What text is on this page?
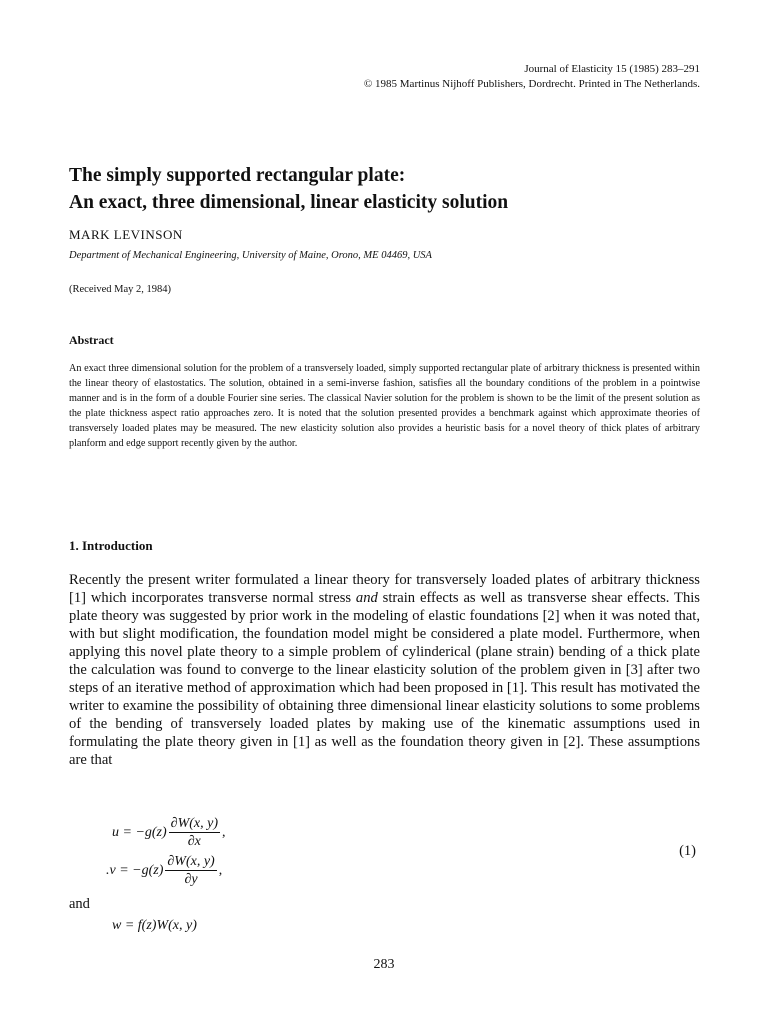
Journal of Elasticity 15 (1985) 283–291
© 1985 Martinus Nijhoff Publishers, Dordrecht. Printed in The Netherlands.
The simply supported rectangular plate:
An exact, three dimensional, linear elasticity solution

MARK LEVINSON

Department of Mechanical Engineering, University of Maine, Orono, ME 04469, USA
(Received May 2, 1984)
Abstract

An exact three dimensional solution for the problem of a transversely loaded, simply supported rectangular plate of arbitrary thickness is presented within the linear theory of elastostatics. The solution, obtained in a semi-inverse fashion, satisfies all the boundary conditions of the problem in a pointwise manner and is in the form of a double Fourier sine series. The classical Navier solution for the problem is shown to be the limit of the present solution as the plate thickness aspect ratio approaches zero. It is noted that the solution presented provides a benchmark against which approximate theories of transversely loaded plates may be measured. The new elasticity solution also provides a heuristic basis for a novel theory of thick plates of arbitrary planform and edge support recently given by the author.

1. Introduction

Recently the present writer formulated a linear theory for transversely loaded plates of arbitrary thickness [1] which incorporates transverse normal stress and strain effects as well as transverse shear effects. This plate theory was suggested by prior work in the modeling of elastic foundations [2] when it was noted that, with but slight modification, the foundation model might be considered a plate model. Furthermore, when applying this novel plate theory to a simple problem of cylinderical (plane strain) bending of a thick plate the calculation was found to converge to the linear elasticity solution of the problem given in [3] after two steps of an iterative method of approximation which had been proposed in [1]. This result has motivated the writer to examine the possibility of obtaining three dimensional linear elasticity solutions to some problems of the bending of transversely loaded plates by making use of the kinematic assumptions used in formulating the plate theory given in [1] as well as the foundation theory given in [2]. These assumptions are that

$u = -g(z) \frac{\partial W(x, y)}{\partial x}$ ,
$.v = -g(z) \frac{\partial W(x, y)}{\partial y}$ ,
(1)
and
w = f(z)W(x, y)
283
